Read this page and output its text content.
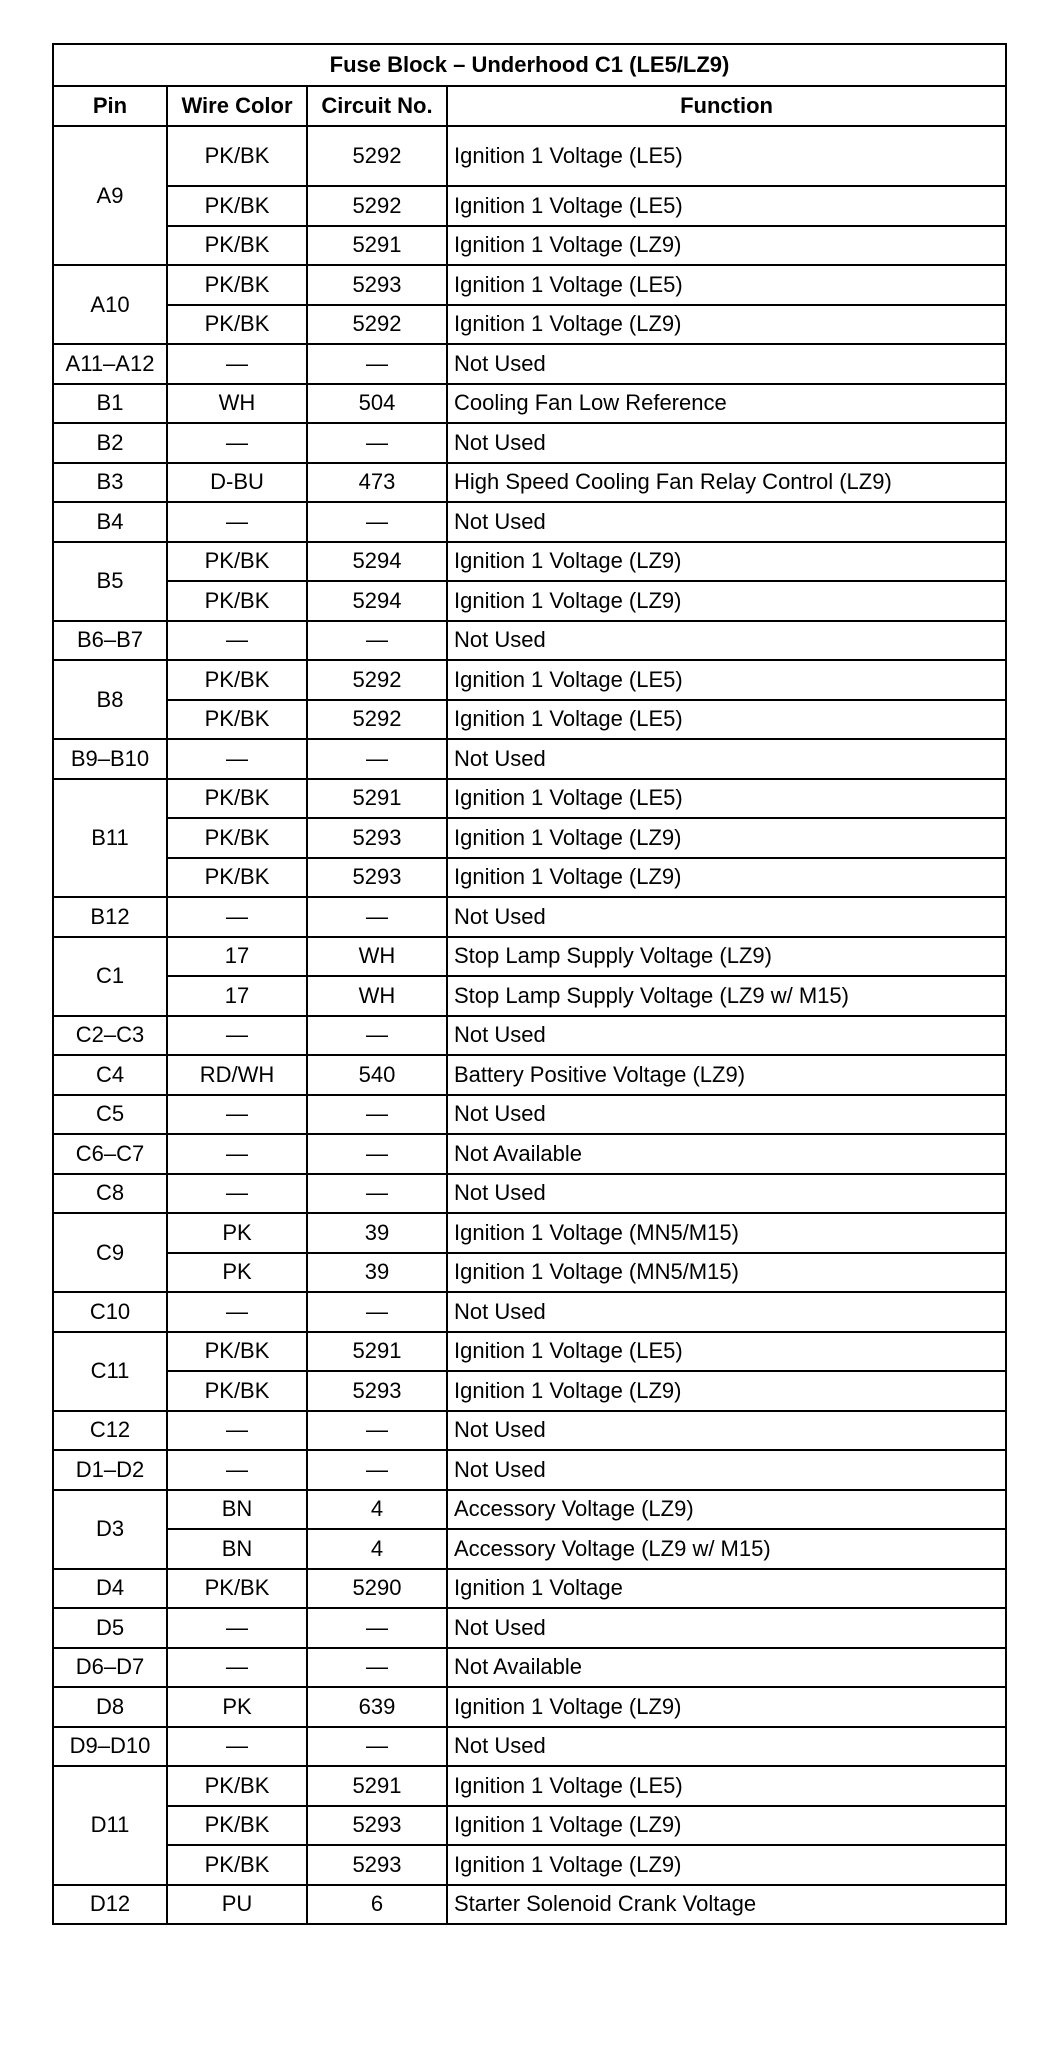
Fuse Block – Underhood C1 (LE5/LZ9)			
Pin	Wire Color	Circuit No.	Function
A9	PK/BK	5292	Ignition 1 Voltage (LE5)
	PK/BK	5292	Ignition 1 Voltage (LE5)
	PK/BK	5291	Ignition 1 Voltage (LZ9)
A10	PK/BK	5293	Ignition 1 Voltage (LE5)
	PK/BK	5292	Ignition 1 Voltage (LZ9)
A11–A12	—	—	Not Used
B1	WH	504	Cooling Fan Low Reference
B2	—	—	Not Used
B3	D-BU	473	High Speed Cooling Fan Relay Control (LZ9)
B4	—	—	Not Used
B5	PK/BK	5294	Ignition 1 Voltage (LZ9)
	PK/BK	5294	Ignition 1 Voltage (LZ9)
B6–B7	—	—	Not Used
B8	PK/BK	5292	Ignition 1 Voltage (LE5)
	PK/BK	5292	Ignition 1 Voltage (LE5)
B9–B10	—	—	Not Used
B11	PK/BK	5291	Ignition 1 Voltage (LE5)
	PK/BK	5293	Ignition 1 Voltage (LZ9)
	PK/BK	5293	Ignition 1 Voltage (LZ9)
B12	—	—	Not Used
C1	17	WH	Stop Lamp Supply Voltage (LZ9)
	17	WH	Stop Lamp Supply Voltage (LZ9 w/ M15)
C2–C3	—	—	Not Used
C4	RD/WH	540	Battery Positive Voltage (LZ9)
C5	—	—	Not Used
C6–C7	—	—	Not Available
C8	—	—	Not Used
C9	PK	39	Ignition 1 Voltage (MN5/M15)
	PK	39	Ignition 1 Voltage (MN5/M15)
C10	—	—	Not Used
C11	PK/BK	5291	Ignition 1 Voltage (LE5)
	PK/BK	5293	Ignition 1 Voltage (LZ9)
C12	—	—	Not Used
D1–D2	—	—	Not Used
D3	BN	4	Accessory Voltage (LZ9)
	BN	4	Accessory Voltage (LZ9 w/ M15)
D4	PK/BK	5290	Ignition 1 Voltage
D5	—	—	Not Used
D6–D7	—	—	Not Available
D8	PK	639	Ignition 1 Voltage (LZ9)
D9–D10	—	—	Not Used
D11	PK/BK	5291	Ignition 1 Voltage (LE5)
	PK/BK	5293	Ignition 1 Voltage (LZ9)
	PK/BK	5293	Ignition 1 Voltage (LZ9)
D12	PU	6	Starter Solenoid Crank Voltage
